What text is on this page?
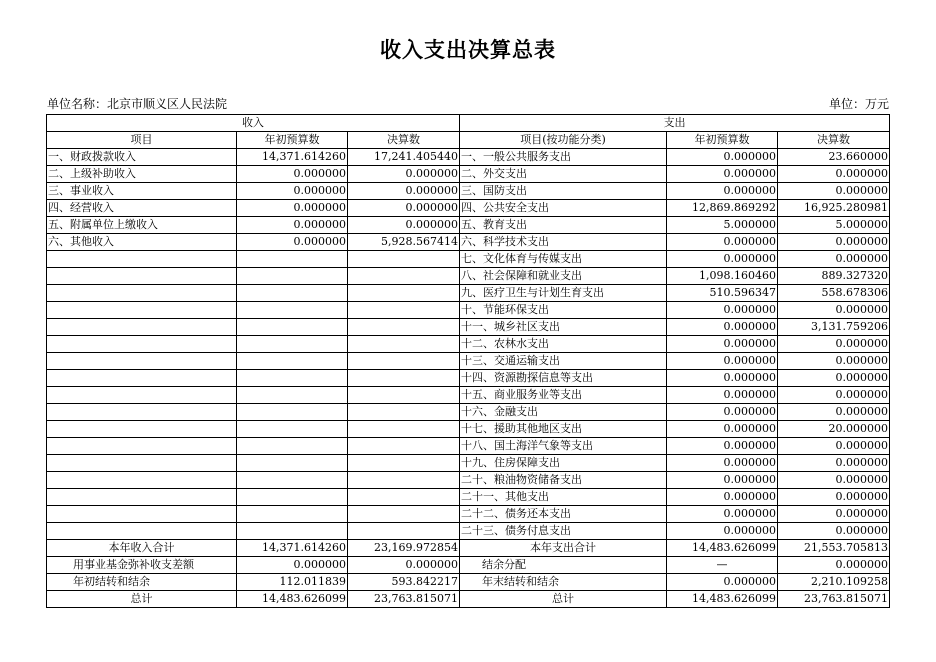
收入支出决算总表
单位名称：北京市顺义区人民法院	单位：万元
收入			支出		
项目	年初预算数	决算数	项目(按功能分类)	年初预算数	决算数
一、财政拨款收入	14,371.614260	17,241.405440	一、一般公共服务支出	0.000000	23.660000
二、上级补助收入	0.000000	0.000000	二、外交支出	0.000000	0.000000
三、事业收入	0.000000	0.000000	三、国防支出	0.000000	0.000000
四、经营收入	0.000000	0.000000	四、公共安全支出	12,869.869292	16,925.280981
五、附属单位上缴收入	0.000000	0.000000	五、教育支出	5.000000	5.000000
六、其他收入	0.000000	5,928.567414	六、科学技术支出	0.000000	0.000000
			七、文化体育与传媒支出	0.000000	0.000000
			八、社会保障和就业支出	1,098.160460	889.327320
			九、医疗卫生与计划生育支出	510.596347	558.678306
			十、节能环保支出	0.000000	0.000000
			十一、城乡社区支出	0.000000	3,131.759206
			十二、农林水支出	0.000000	0.000000
			十三、交通运输支出	0.000000	0.000000
			十四、资源勘探信息等支出	0.000000	0.000000
			十五、商业服务业等支出	0.000000	0.000000
			十六、金融支出	0.000000	0.000000
			十七、援助其他地区支出	0.000000	20.000000
			十八、国土海洋气象等支出	0.000000	0.000000
			十九、住房保障支出	0.000000	0.000000
			二十、粮油物资储备支出	0.000000	0.000000
			二十一、其他支出	0.000000	0.000000
			二十二、债务还本支出	0.000000	0.000000
			二十三、债务付息支出	0.000000	0.000000
本年收入合计	14,371.614260	23,169.972854	本年支出合计	14,483.626099	21,553.705813
用事业基金弥补收支差额	0.000000	0.000000	结余分配	—	0.000000
年初结转和结余	112.011839	593.842217	年末结转和结余	0.000000	2,210.109258
总计	14,483.626099	23,763.815071	总计	14,483.626099	23,763.815071
